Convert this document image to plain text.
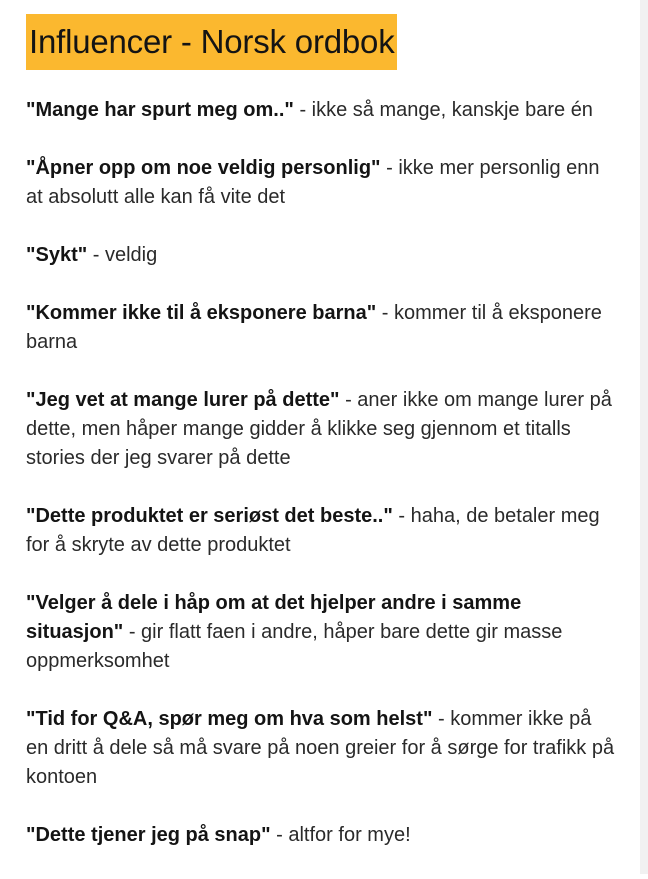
Influencer - Norsk ordbok

"Mange har spurt meg om.." - ikke så mange, kanskje bare én

"Åpner opp om noe veldig personlig" - ikke mer personlig enn at absolutt alle kan få vite det

"Sykt" - veldig

"Kommer ikke til å eksponere barna" - kommer til å eksponere barna

"Jeg vet at mange lurer på dette" - aner ikke om mange lurer på dette, men håper mange gidder å klikke seg gjennom et titalls stories der jeg svarer på dette

"Dette produktet er seriøst det beste.." - haha, de betaler meg for å skryte av dette produktet

"Velger å dele i håp om at det hjelper andre i samme situasjon" - gir flatt faen i andre, håper bare dette gir masse oppmerksomhet

"Tid for Q&A, spør meg om hva som helst" - kommer ikke på en dritt å dele så må svare på noen greier for å sørge for trafikk på kontoen

"Dette tjener jeg på snap" - altfor for mye!
